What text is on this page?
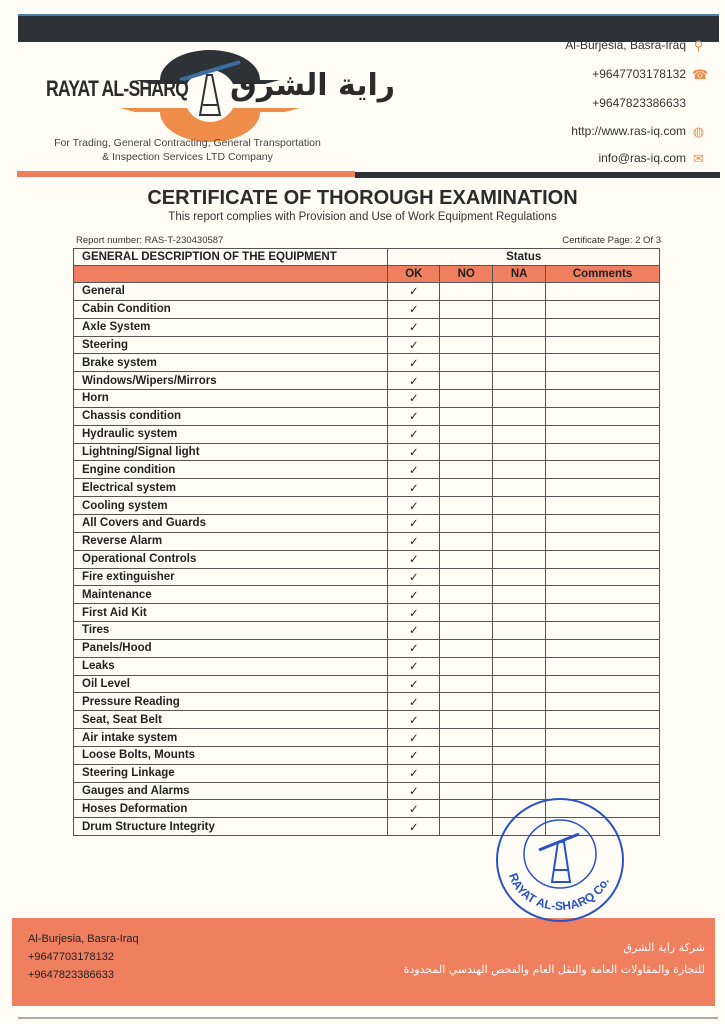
RAYAT AL-SHARQ راية الشرق
For Trading, General Contracting, General Transportation
& Inspection Services LTD Company
Al-Burjesia, Basra-Iraq ⚲
+9647703178132 ☎
+9647823386633
http://www.ras-iq.com ◍
info@ras-iq.com ✉
CERTIFICATE OF THOROUGH EXAMINATION
This report complies with Provision and Use of Work Equipment Regulations
Report number: RAS-T-230430587	Certificate Page: 2 Of 3
GENERAL DESCRIPTION OF THE EQUIPMENT	Status			
	OK	NO	NA	Comments
General	✓			
Cabin Condition	✓			
Axle System	✓			
Steering	✓			
Brake system	✓			
Windows/Wipers/Mirrors	✓			
Horn	✓			
Chassis condition	✓			
Hydraulic system	✓			
Lightning/Signal light	✓			
Engine condition	✓			
Electrical system	✓			
Cooling system	✓			
All Covers and Guards	✓			
Reverse Alarm	✓			
Operational Controls	✓			
Fire extinguisher	✓			
Maintenance	✓			
First Aid Kit	✓			
Tires	✓			
Panels/Hood	✓			
Leaks	✓			
Oil Level	✓			
Pressure Reading	✓			
Seat, Seat Belt	✓			
Air intake system	✓			
Loose Bolts, Mounts	✓			
Steering Linkage	✓			
Gauges and Alarms	✓			
Hoses Deformation	✓			
Drum Structure Integrity	✓			
Al-Burjesia, Basra-Iraq
+9647703178132
+9647823386633
شركة راية الشرق
للتجارة والمقاولات العامة والنقل العام والفحص الهندسي المحدودة
RAYAT AL-SHARQ Co.
